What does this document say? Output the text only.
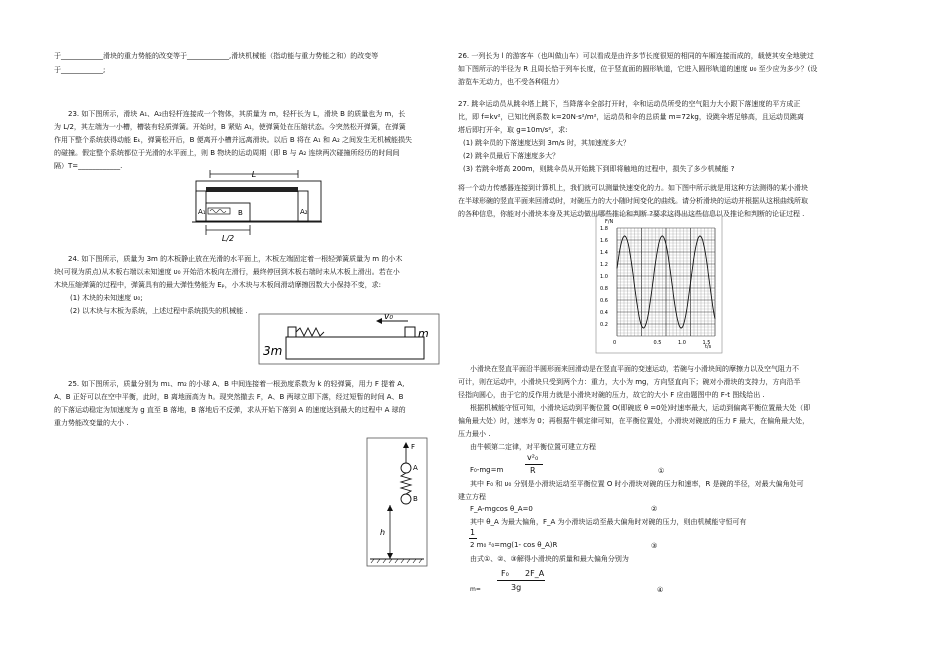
于____________滑块的重力势能的改变等于____________,滑块机械能（指动能与重力势能之和）的改变等
于____________;
23. 如下图所示，滑块 A₁、A₂由轻杆连接成一个物体，其质量为 m，轻杆长为 L，滑块 B 的质量也为 m，长
为 L/2，其左端为一小槽，槽装有轻质弹簧。开始时，B 紧贴 A₁，使弹簧处在压缩状态。今突然松开弹簧，在弹簧
作用下整个系统获得动能 Eₖ，弹簧松开后，B 便离开小槽并远离滑块。以后 B 将在 A₁ 和 A₂ 之间发生无机械能损失
的碰撞。假定整个系统都位于光滑的水平面上，则 B 物块的运动周期（即 B 与 A₂ 连续两次碰撞所经历的时间间
隔）T=____________.
L
A₁	A₂
B
L/2
24. 如下图所示，质量为 3m 的木板静止放在光滑的水平面上，木板左端固定着一根轻弹簧质量为 m 的小木
块(可视为质点)从木板右端以未知速度 υ₀ 开始沿木板向左滑行，最终停回到木板右端时未从木板上滑出。若在小
木块压缩弹簧的过程中，弹簧具有的最大弹性势能为 Eₚ，小木块与木板间滑动摩擦因数大小保持不变，求:
(1) 木块的未知速度 υ₀;
(2) 以木块与木板为系统，上述过程中系统损失的机械能 .
3m
m
v₀
25. 如下图所示，质量分别为 m₁、m₂ 的小球 A、B 中间连接着一根劲度系数为 k 的轻弹簧，用力 F 提着 A,
A、B 正好可以在空中平衡，此时，B 离地面高为 h。现突然撤去 F，A、B 两球立即下落，经过短暂的时间 A、B
的下落运动稳定为加速度为 g 直至 B 落地，B 落地后不反弹，求从开始下落到 A 的速度达到最大的过程中 A 球的
重力势能改变量的大小 .
F
A
B
h
26. 一列长为 l 的游客车（也叫做山车）可以看成是由许多节长度很短的相同的车厢连接而成的，载使其安全地驶过
如下图所示的半径为 R 且周长恰于列车长度，位于竖直面的圆形轨道，它进入圆形轨道的速度 υ₀ 至少应为多少？(设
游览车无动力，也不受各种阻力）
27. 跳伞运动员从跳伞塔上跳下，当降落伞全部打开时，伞和运动员所受的空气阻力大小跟下落速度的平方成正
比，即 f=kv²，已知比例系数 k=20N·s²/m²，运动员和伞的总质量 m=72kg，设跳伞塔足够高，且运动员跳离
塔后即打开伞，取 g=10m/s²，求:
(1) 跳伞员的下落速度达到 3m/s 时，其加速度多大？
(2) 跳伞员最后下落速度多大？
(3) 若跳伞塔高 200m，则跳伞员从开始跳下到即将触地的过程中，损失了多少机械能 ?
将一个动力传感器连接到计算机上，我们就可以测量快速变化的力。如下图中所示就是用这种方法测得的某小滑块
在半球形碗的竖直平面来回滑动时，对碗压力的大小随时间变化的曲线。请分析滑块的运动并根据从这根曲线所取
的各种信息，你能对小滑块本身及其运动做出哪些推论和判断 ?要求这得出这些信息以及推论和判断的论证过程 .
1.8
1.6
1.4
1.2
1.0
0.8
0.6
0.4
0.2
0	0.5	1.0	1.5
F/N
t/s
小滑块在竖直平面沿半圆形面来回滑动是在竖直平面的变速运动，若碗与小滑块间的摩擦力以及空气阻力不
可计，则在运动中，小滑块只受到两个力：重力，大小为 mg，方向竖直向下；碗对小滑块的支持力，方向沿半
径指向圆心，由于它的反作用力就是小滑块对碗的压力，故它的大小 F 应由题图中的 F-t 图线给出 .
根据机械能守恒可知，小滑块运动到平衡位置 O(即碗底 θ =0处)时速率最大，运动到偏离平衡位置最大处（即
偏角最大处）时，速率为 0；再根据牛顿定律可知，在平衡位置处，小滑块对碗底的压力 F 最大，在偏角最大处，
压力最小 .
由牛顿第二定律，对平衡位置可建立方程
v²₀
F₀-mg=m	R	①
其中 F₀ 和 υ₀ 分别是小滑块运动至平衡位置 O 时小滑块对碗的压力和速率，R 是碗的半径，对最大偏角处可
建立方程
F_A-mgcos θ_A=0	②
其中 θ_A 为最大偏角，F_A 为小滑块运动至最大偏角时对碗的压力，则由机械能守恒可有
1
2 m₀ ²₀=mg(1- cos θ_A)R	③
由式①、②、③解得小滑块的质量和最大偏角分别为
F₀ 2F_A
m=	3g	④
